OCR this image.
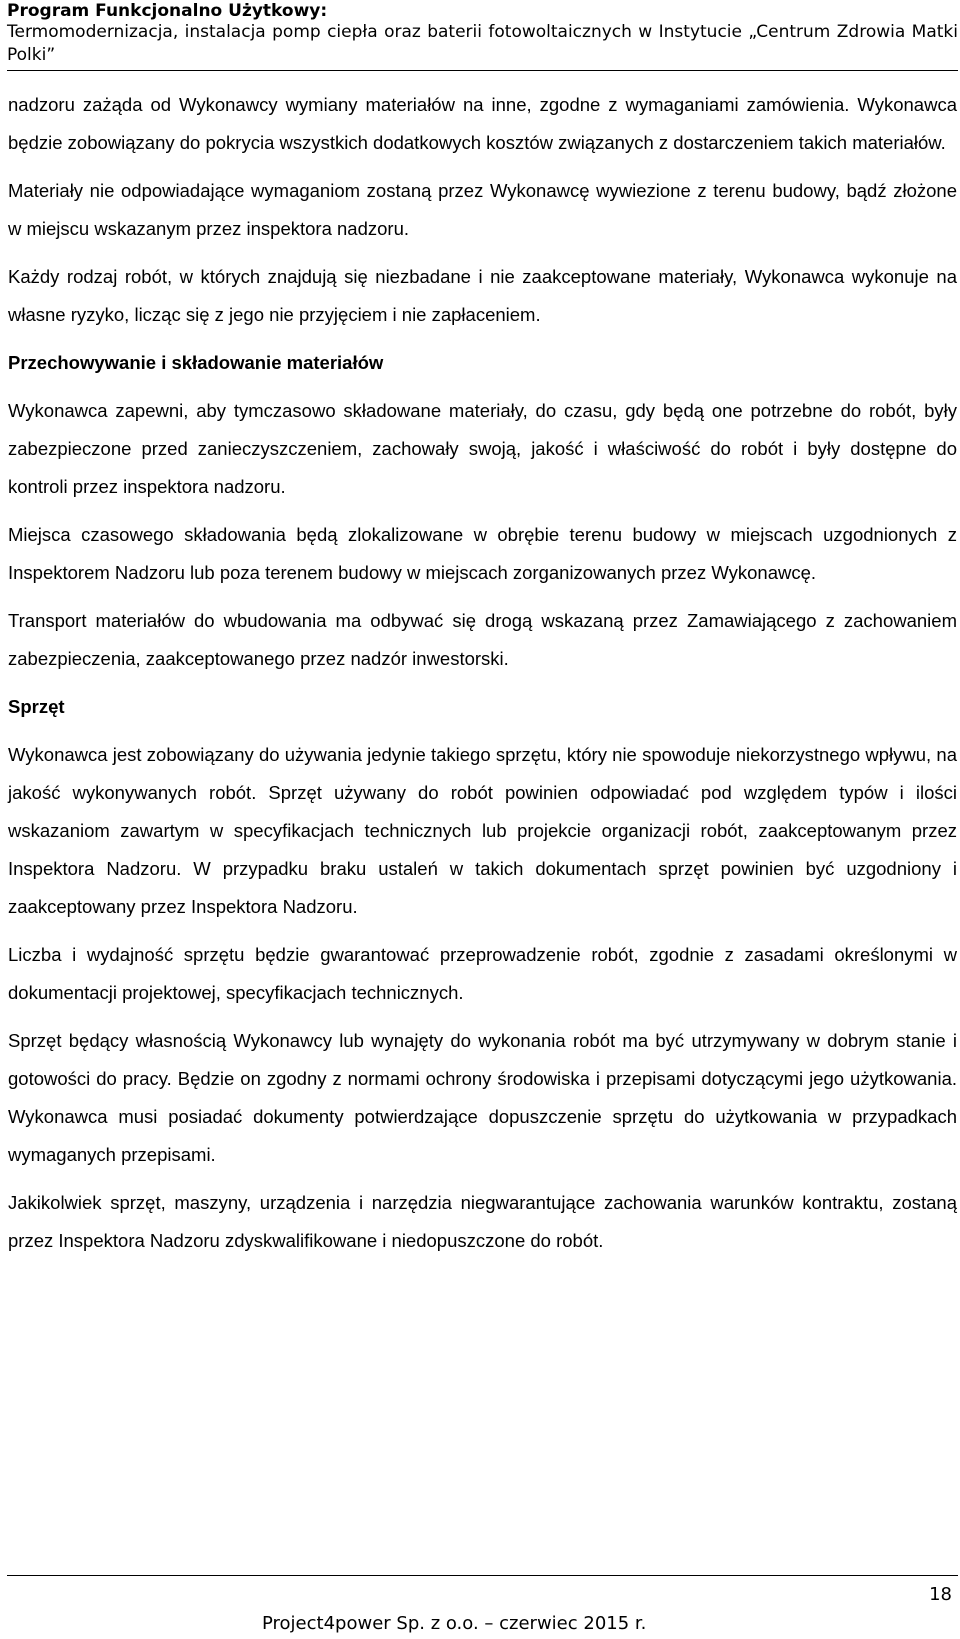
Program Funkcjonalno Użytkowy:

Termomodernizacja, instalacja pomp ciepła oraz baterii fotowoltaicznych w Instytucie „Centrum Zdrowia Matki Polki”

nadzoru zażąda od Wykonawcy wymiany materiałów na inne, zgodne z wymaganiami zamówienia. Wykonawca będzie zobowiązany do pokrycia wszystkich dodatkowych kosztów związanych z dostarczeniem takich materiałów.

Materiały nie odpowiadające wymaganiom zostaną przez Wykonawcę wywiezione z terenu budowy, bądź złożone w miejscu wskazanym przez inspektora nadzoru.

Każdy rodzaj robót, w których znajdują się niezbadane i nie zaakceptowane materiały, Wykonawca wykonuje na własne ryzyko, licząc się z jego nie przyjęciem i nie zapłaceniem.

Przechowywanie i składowanie materiałów

Wykonawca zapewni, aby tymczasowo składowane materiały, do czasu, gdy będą one potrzebne do robót, były zabezpieczone przed zanieczyszczeniem, zachowały swoją, jakość i właściwość do robót i były dostępne do kontroli przez inspektora nadzoru.

Miejsca czasowego składowania będą zlokalizowane w obrębie terenu budowy w miejscach uzgodnionych z Inspektorem Nadzoru lub poza terenem budowy w miejscach zorganizowanych przez Wykonawcę.

Transport materiałów do wbudowania ma odbywać się drogą wskazaną przez Zamawiającego z zachowaniem zabezpieczenia, zaakceptowanego przez nadzór inwestorski.

Sprzęt

Wykonawca jest zobowiązany do używania jedynie takiego sprzętu, który nie spowoduje niekorzystnego wpływu, na jakość wykonywanych robót. Sprzęt używany do robót powinien odpowiadać pod względem typów i ilości wskazaniom zawartym w specyfikacjach technicznych lub projekcie organizacji robót, zaakceptowanym przez Inspektora Nadzoru. W przypadku braku ustaleń w takich dokumentach sprzęt powinien być uzgodniony i zaakceptowany przez Inspektora Nadzoru.

Liczba i wydajność sprzętu będzie gwarantować przeprowadzenie robót, zgodnie z zasadami określonymi w dokumentacji projektowej, specyfikacjach technicznych.

Sprzęt będący własnością Wykonawcy lub wynajęty do wykonania robót ma być utrzymywany w dobrym stanie i gotowości do pracy. Będzie on zgodny z normami ochrony środowiska i przepisami dotyczącymi jego użytkowania. Wykonawca musi posiadać dokumenty potwierdzające dopuszczenie sprzętu do użytkowania w przypadkach wymaganych przepisami.

Jakikolwiek sprzęt, maszyny, urządzenia i narzędzia niegwarantujące zachowania warunków kontraktu, zostaną przez Inspektora Nadzoru zdyskwalifikowane i niedopuszczone do robót.

18
Project4power Sp. z o.o. – czerwiec 2015 r.
